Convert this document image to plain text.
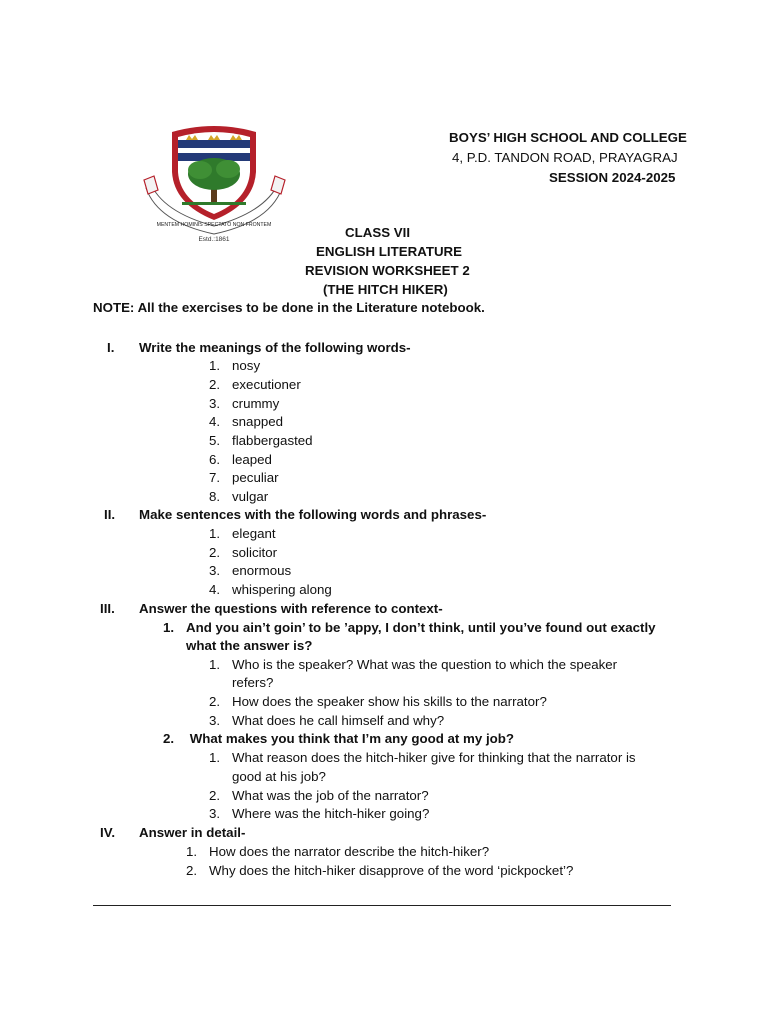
MENTEM HOMINIS SPECTATO NON FRONTEM
Estd.:1861
BOYS’ HIGH SCHOOL AND COLLEGE
4, P.D. TANDON ROAD, PRAYAGRAJ
SESSION 2024-2025
CLASS VII
ENGLISH LITERATURE
REVISION WORKSHEET 2
(THE HITCH HIKER)
NOTE: All the exercises to be done in the Literature notebook.
I. Write the meanings of the following words-
1. nosy
2. executioner
3. crummy
4. snapped
5. flabbergasted
6. leaped
7. peculiar
8. vulgar
II. Make sentences with the following words and phrases-
1. elegant
2. solicitor
3. enormous
4. whispering along
III. Answer the questions with reference to context-
1. And you ain’t goin’ to be ’appy, I don’t think, until you’ve found out exactly
what the answer is?
1. Who is the speaker? What was the question to which the speaker
refers?
2. How does the speaker show his skills to the narrator?
3. What does he call himself and why?
2. What makes you think that I’m any good at my job?
1. What reason does the hitch-hiker give for thinking that the narrator is
good at his job?
2. What was the job of the narrator?
3. Where was the hitch-hiker going?
IV. Answer in detail-
1. How does the narrator describe the hitch-hiker?
2. Why does the hitch-hiker disapprove of the word ‘pickpocket’?
